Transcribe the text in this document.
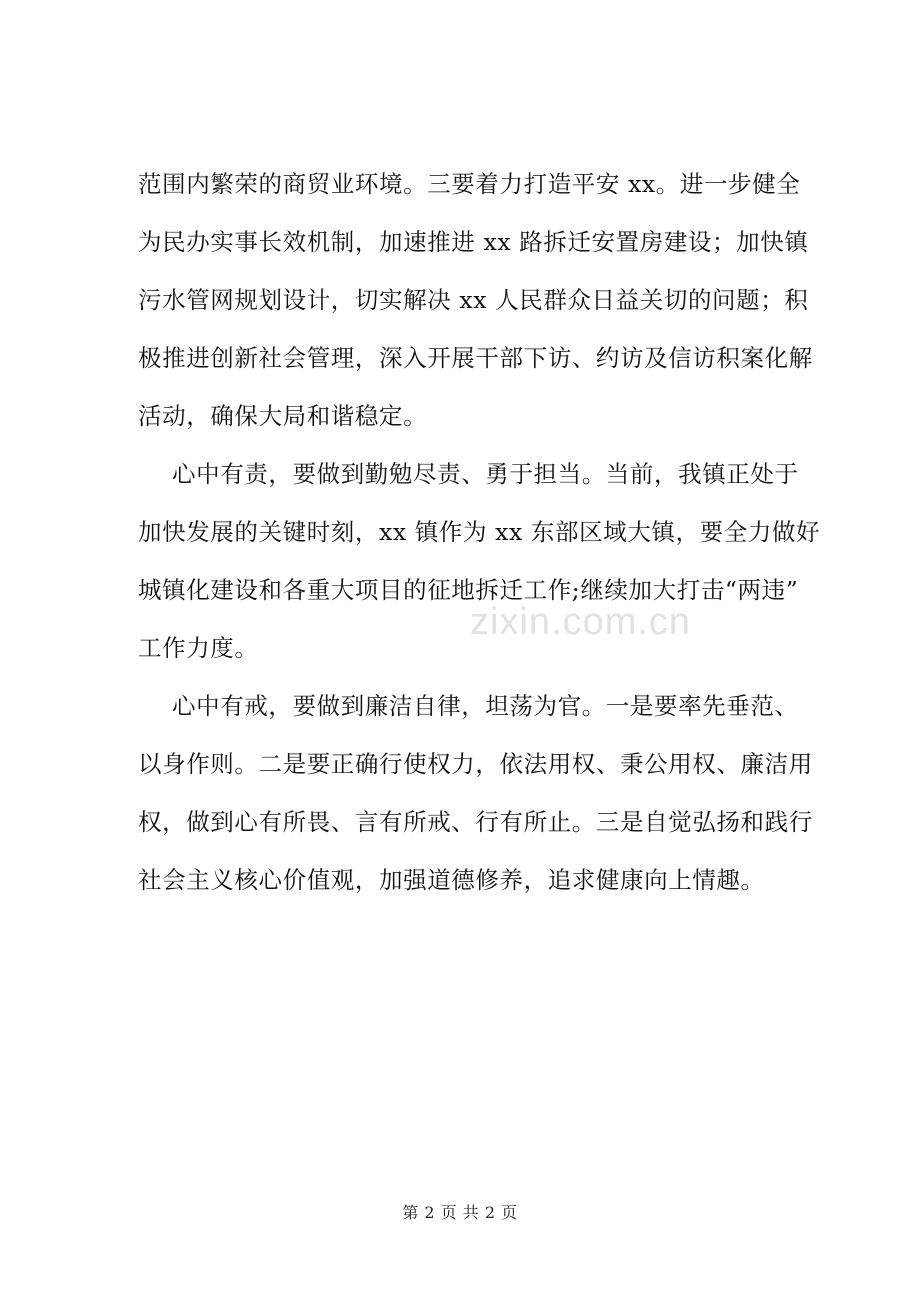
范围内繁荣的商贸业环境。三要着力打造平安 xx。进一步健全
为民办实事长效机制，加速推进 xx 路拆迁安置房建设；加快镇
污水管网规划设计，切实解决 xx 人民群众日益关切的问题；积
极推进创新社会管理，深入开展干部下访、约访及信访积案化解
活动，确保大局和谐稳定。
心中有责，要做到勤勉尽责、勇于担当。当前，我镇正处于
加快发展的关键时刻，xx 镇作为 xx 东部区域大镇，要全力做好
城镇化建设和各重大项目的征地拆迁工作;继续加大打击“两违”
工作力度。
心中有戒，要做到廉洁自律，坦荡为官。一是要率先垂范、
以身作则。二是要正确行使权力，依法用权、秉公用权、廉洁用
权，做到心有所畏、言有所戒、行有所止。三是自觉弘扬和践行
社会主义核心价值观，加强道德修养，追求健康向上情趣。
zixin.com.cn
第 2 页 共 2 页
